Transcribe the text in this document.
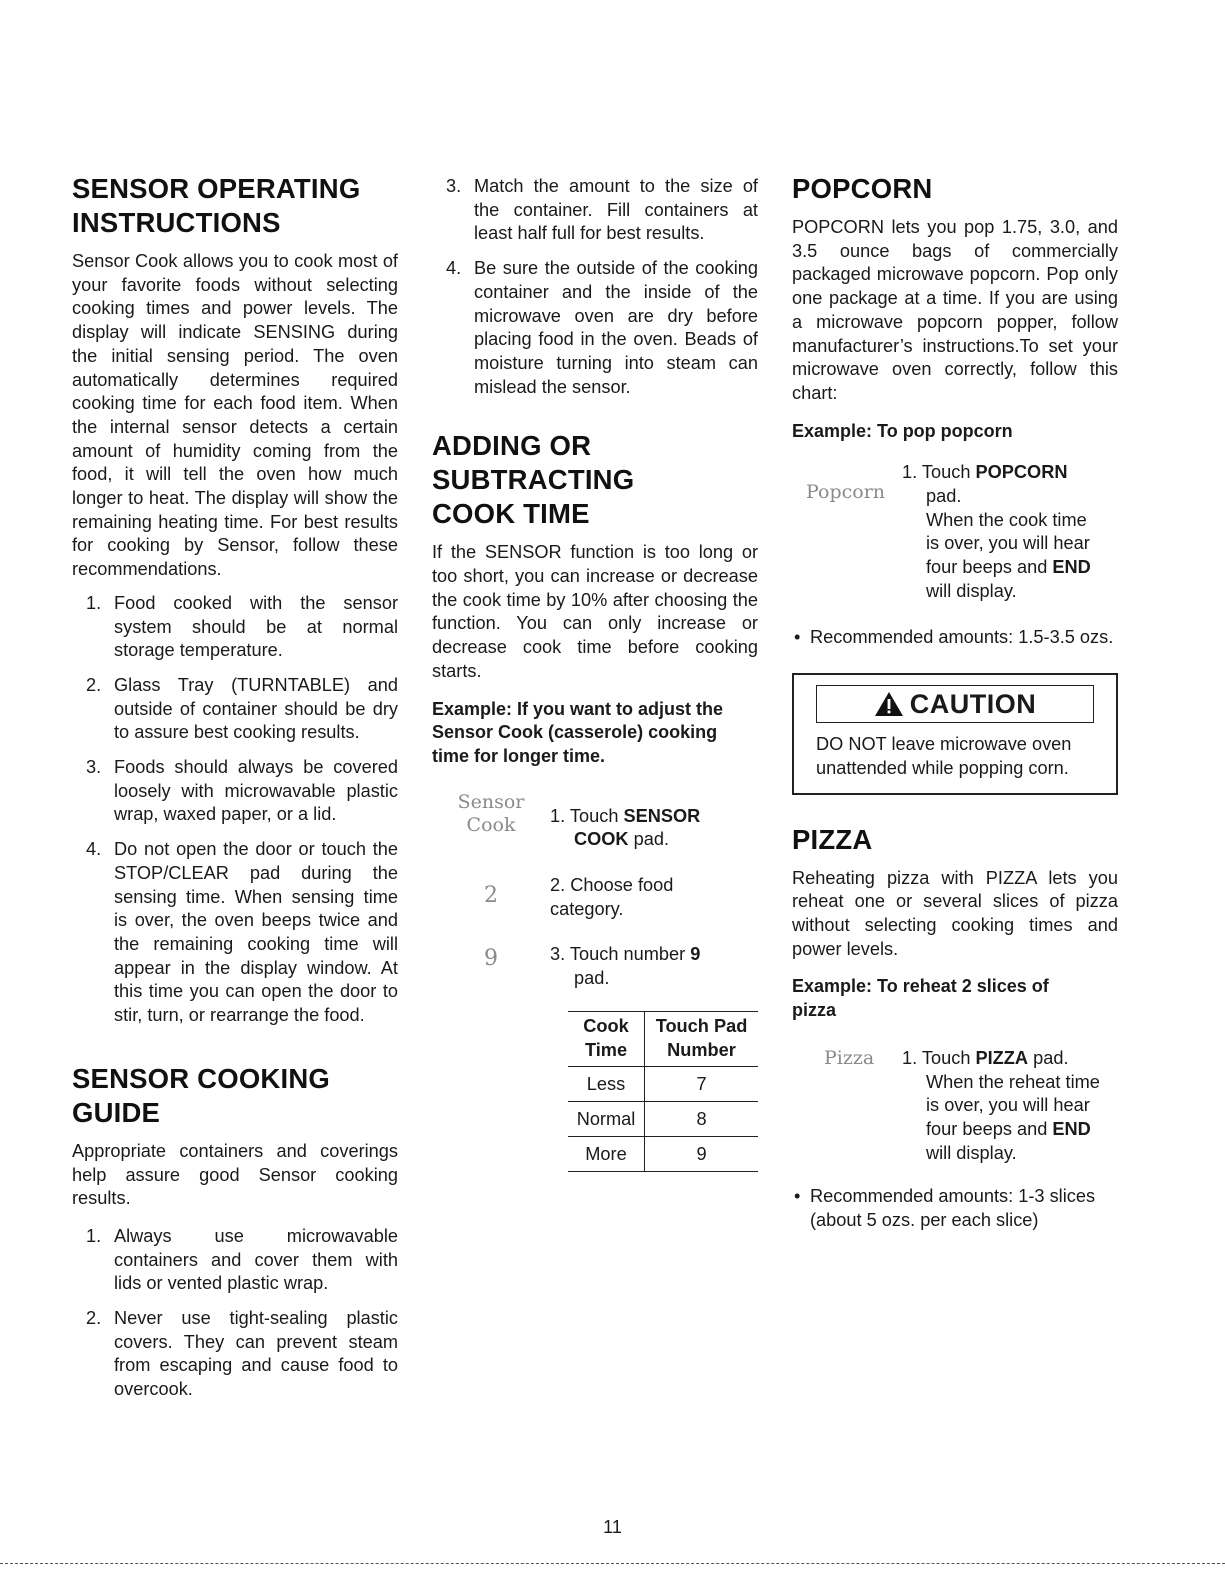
SENSOR OPERATING
INSTRUCTIONS

Sensor Cook allows you to cook most of your favorite foods without selecting cooking times and power levels. The display will indicate SENSING during the initial sensing period. The oven automatically determines required cooking time for each food item. When the internal sensor detects a certain amount of humidity coming from the food, it will tell the oven how much longer to heat. The display will show the remaining heating time. For best results for cooking by Sensor, follow these recommendations.

1. Food cooked with the sensor system should be at normal storage temperature.
2. Glass Tray (TURNTABLE) and outside of container should be dry to assure best cooking results.
3. Foods should always be covered loosely with microwavable plastic wrap, waxed paper, or a lid.
4. Do not open the door or touch the STOP/CLEAR pad during the sensing time. When sensing time is over, the oven beeps twice and the remaining cooking time will appear in the display window. At this time you can open the door to stir, turn, or rearrange the food.
SENSOR COOKING
GUIDE

Appropriate containers and coverings help assure good Sensor cooking results.

1. Always use microwavable containers and cover them with lids or vented plastic wrap.
2. Never use tight-sealing plastic covers. They can prevent steam from escaping and cause food to overcook.
3. Match the amount to the size of the container. Fill containers at least half full for best results.
4. Be sure the outside of the cooking container and the inside of the microwave oven are dry before placing food in the oven. Beads of moisture turning into steam can mislead the sensor.
ADDING OR
SUBTRACTING
COOK TIME

If the SENSOR function is too long or too short, you can increase or decrease the cook time by 10% after choosing the function. You can only increase or decrease cook time before cooking starts.

Example: If you want to adjust the Sensor Cook (casserole) cooking time for longer time.

Sensor
Cook	1. Touch SENSOR
COOK pad.
2	2. Choose food category.
9	3. Touch number 9
pad.
Cook
Time	Touch Pad
Number
Less	7
Normal	8
More	9
POPCORN

POPCORN lets you pop 1.75, 3.0, and 3.5 ounce bags of commercially packaged microwave popcorn. Pop only one package at a time. If you are using a microwave popcorn popper, follow manufacturer’s instructions.To set your microwave oven correctly, follow this chart:

Example: To pop popcorn

Popcorn
1. Touch POPCORN
pad.
When the cook time is over, you will hear four beeps and END will display.
• Recommended amounts: 1.5-3.5 ozs.
CAUTION
DO NOT leave microwave oven unattended while popping corn.
PIZZA

Reheating pizza with PIZZA lets you reheat one or several slices of pizza without selecting cooking times and power levels.

Example: To reheat 2 slices of
pizza

Pizza	1. Touch PIZZA pad.
When the reheat time is over, you will hear four beeps and END will display.
• Recommended amounts: 1-3 slices (about 5 ozs. per each slice)
11
